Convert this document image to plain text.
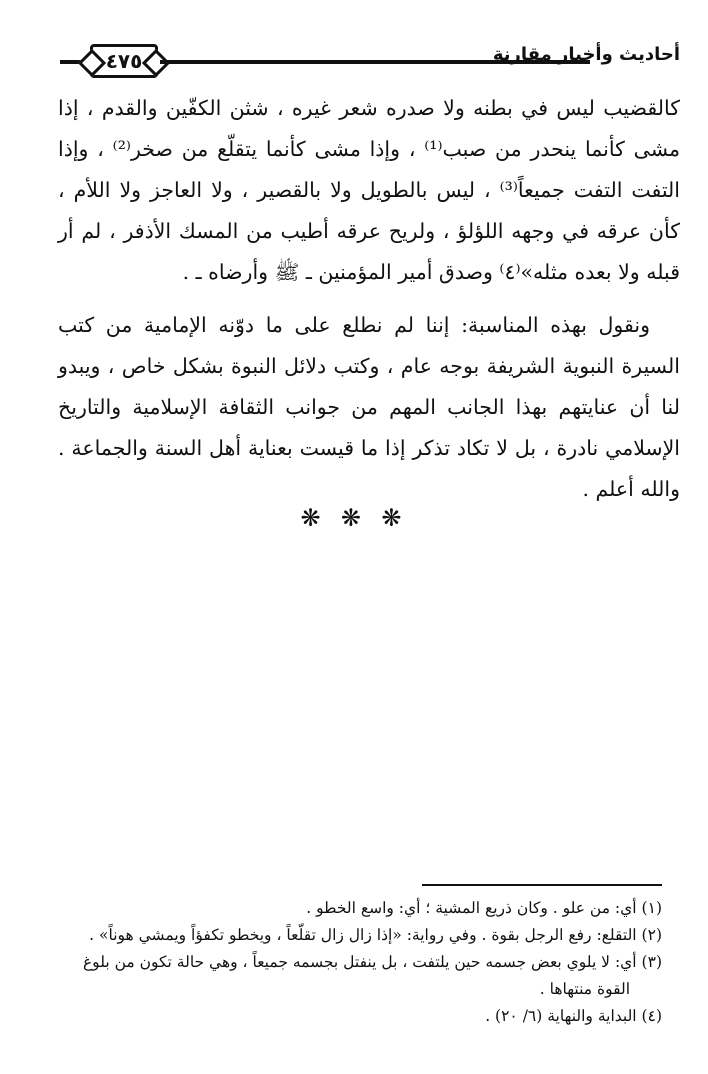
٤٧٥	أحاديث وأخبار مقارنة

كالقضيب ليس في بطنه ولا صدره شعر غيره ، شثن الكفّين والقدم ، إذا مشى كأنما ينحدر من صبب⁽¹⁾ ، وإذا مشى كأنما يتقلّع من صخر⁽²⁾ ، وإذا التفت التفت جميعاً⁽³⁾ ، ليس بالطويل ولا بالقصير ، ولا العاجز ولا اللأم ، كأن عرقه في وجهه اللؤلؤ ، ولريح عرقه أطيب من المسك الأذفر ، لم أر قبله ولا بعده مثله»⁽٤⁾ وصدق أمير المؤمنين ـ ﷺ وأرضاه ـ .

ونقول بهذه المناسبة: إننا لم نطلع على ما دوّنه الإمامية من كتب السيرة النبوية الشريفة بوجه عام ، وكتب دلائل النبوة بشكل خاص ، ويبدو لنا أن عنايتهم بهذا الجانب المهم من جوانب الثقافة الإسلامية والتاريخ الإسلامي نادرة ، بل لا تكاد تذكر إذا ما قيست بعناية أهل السنة والجماعة . والله أعلم .

❋ ❋ ❋

(١) أي: من علو . وكان ذريع المشية ؛ أي: واسع الخطو .

(٢) التقلع: رفع الرجل بقوة . وفي رواية: «إذا زال زال تقلّعاً ، ويخطو تكفؤاً ويمشي هوناً» .

(٣) أي: لا يلوي بعض جسمه حين يلتفت ، بل ينفتل بجسمه جميعاً ، وهي حالة تكون من بلوغ
القوة منتهاها .

(٤) البداية والنهاية (٦/ ٢٠) .
